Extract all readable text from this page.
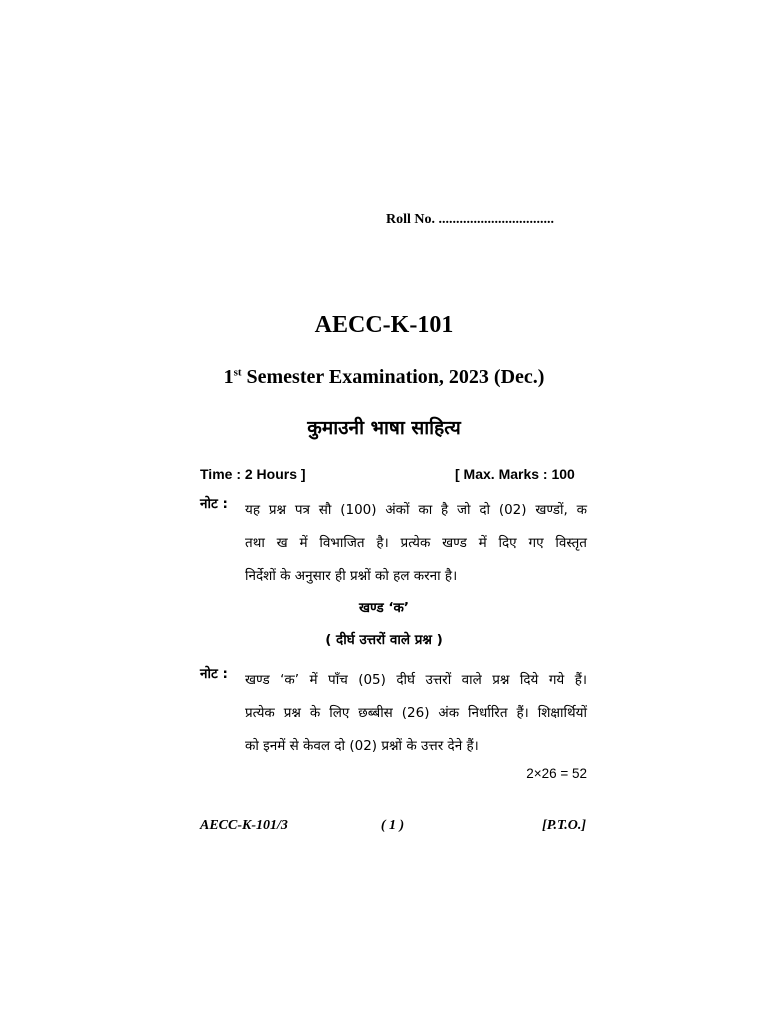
Roll No. .................................
AECC-K-101
1st Semester Examination, 2023 (Dec.)
कुमाउनी भाषा साहित्य
Time : 2 Hours ]	[ Max. Marks : 100
नोट : यह प्रश्न पत्र सौ (100) अंकों का है जो दो (02) खण्डों, क
तथा ख में विभाजित है। प्रत्येक खण्ड में दिए गए विस्तृत
निर्देशों के अनुसार ही प्रश्नों को हल करना है।
खण्ड ‘क’
( दीर्घ उत्तरों वाले प्रश्न )
नोट : खण्ड ‘क’ में पाँच (05) दीर्घ उत्तरों वाले प्रश्न दिये गये हैं।
प्रत्येक प्रश्न के लिए छब्बीस (26) अंक निर्धारित हैं। शिक्षार्थियों
को इनमें से केवल दो (02) प्रश्नों के उत्तर देने हैं।
2×26 = 52
AECC-K-101/3	( 1 )	[P.T.O.]
